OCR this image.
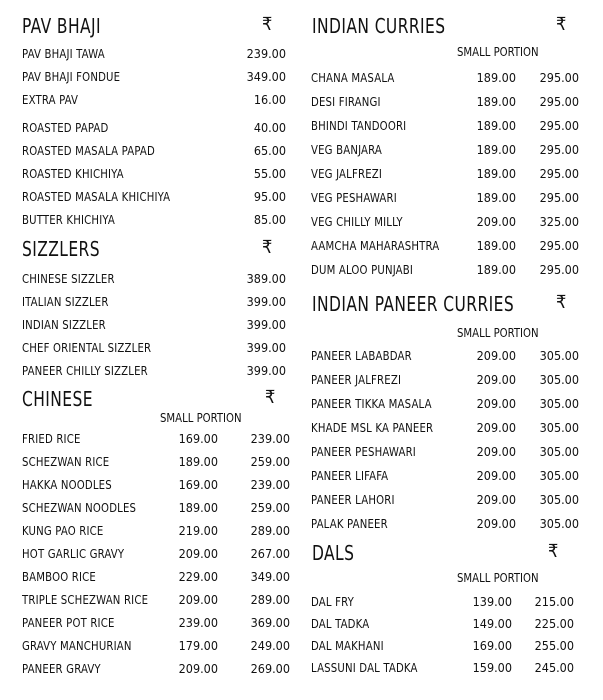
PAV BHAJI	₹
PAV BHAJI TAWA	239.00
PAV BHAJI FONDUE	349.00
EXTRA PAV	16.00
ROASTED PAPAD	40.00
ROASTED MASALA PAPAD	65.00
ROASTED KHICHIYA	55.00
ROASTED MASALA KHICHIYA	95.00
BUTTER KHICHIYA	85.00
SIZZLERS	₹
CHINESE SIZZLER	389.00
ITALIAN SIZZLER	399.00
INDIAN SIZZLER	399.00
CHEF ORIENTAL SIZZLER	399.00
PANEER CHILLY SIZZLER	399.00
CHINESE	₹
SMALL PORTION
FRIED RICE	169.00	239.00
SCHEZWAN RICE	189.00	259.00
HAKKA NOODLES	169.00	239.00
SCHEZWAN NOODLES	189.00	259.00
KUNG PAO RICE	219.00	289.00
HOT GARLIC GRAVY	209.00	267.00
BAMBOO RICE	229.00	349.00
TRIPLE SCHEZWAN RICE	209.00	289.00
PANEER POT RICE	239.00	369.00
GRAVY MANCHURIAN	179.00	249.00
PANEER GRAVY	209.00	269.00
INDIAN CURRIES	₹
SMALL PORTION
CHANA MASALA	189.00	295.00
DESI FIRANGI	189.00	295.00
BHINDI TANDOORI	189.00	295.00
VEG BANJARA	189.00	295.00
VEG JALFREZI	189.00	295.00
VEG PESHAWARI	189.00	295.00
VEG CHILLY MILLY	209.00	325.00
AAMCHA MAHARASHTRA	189.00	295.00
DUM ALOO PUNJABI	189.00	295.00
INDIAN PANEER CURRIES ₹
SMALL PORTION
PANEER LABABDAR	209.00	305.00
PANEER JALFREZI	209.00	305.00
PANEER TIKKA MASALA	209.00	305.00
KHADE MSL KA PANEER	209.00	305.00
PANEER PESHAWARI	209.00	305.00
PANEER LIFAFA	209.00	305.00
PANEER LAHORI	209.00	305.00
PALAK PANEER	209.00	305.00
DALS	₹
SMALL PORTION
DAL FRY	139.00	215.00
DAL TADKA	149.00	225.00
DAL MAKHANI	169.00	255.00
LASSUNI DAL TADKA	159.00	245.00
